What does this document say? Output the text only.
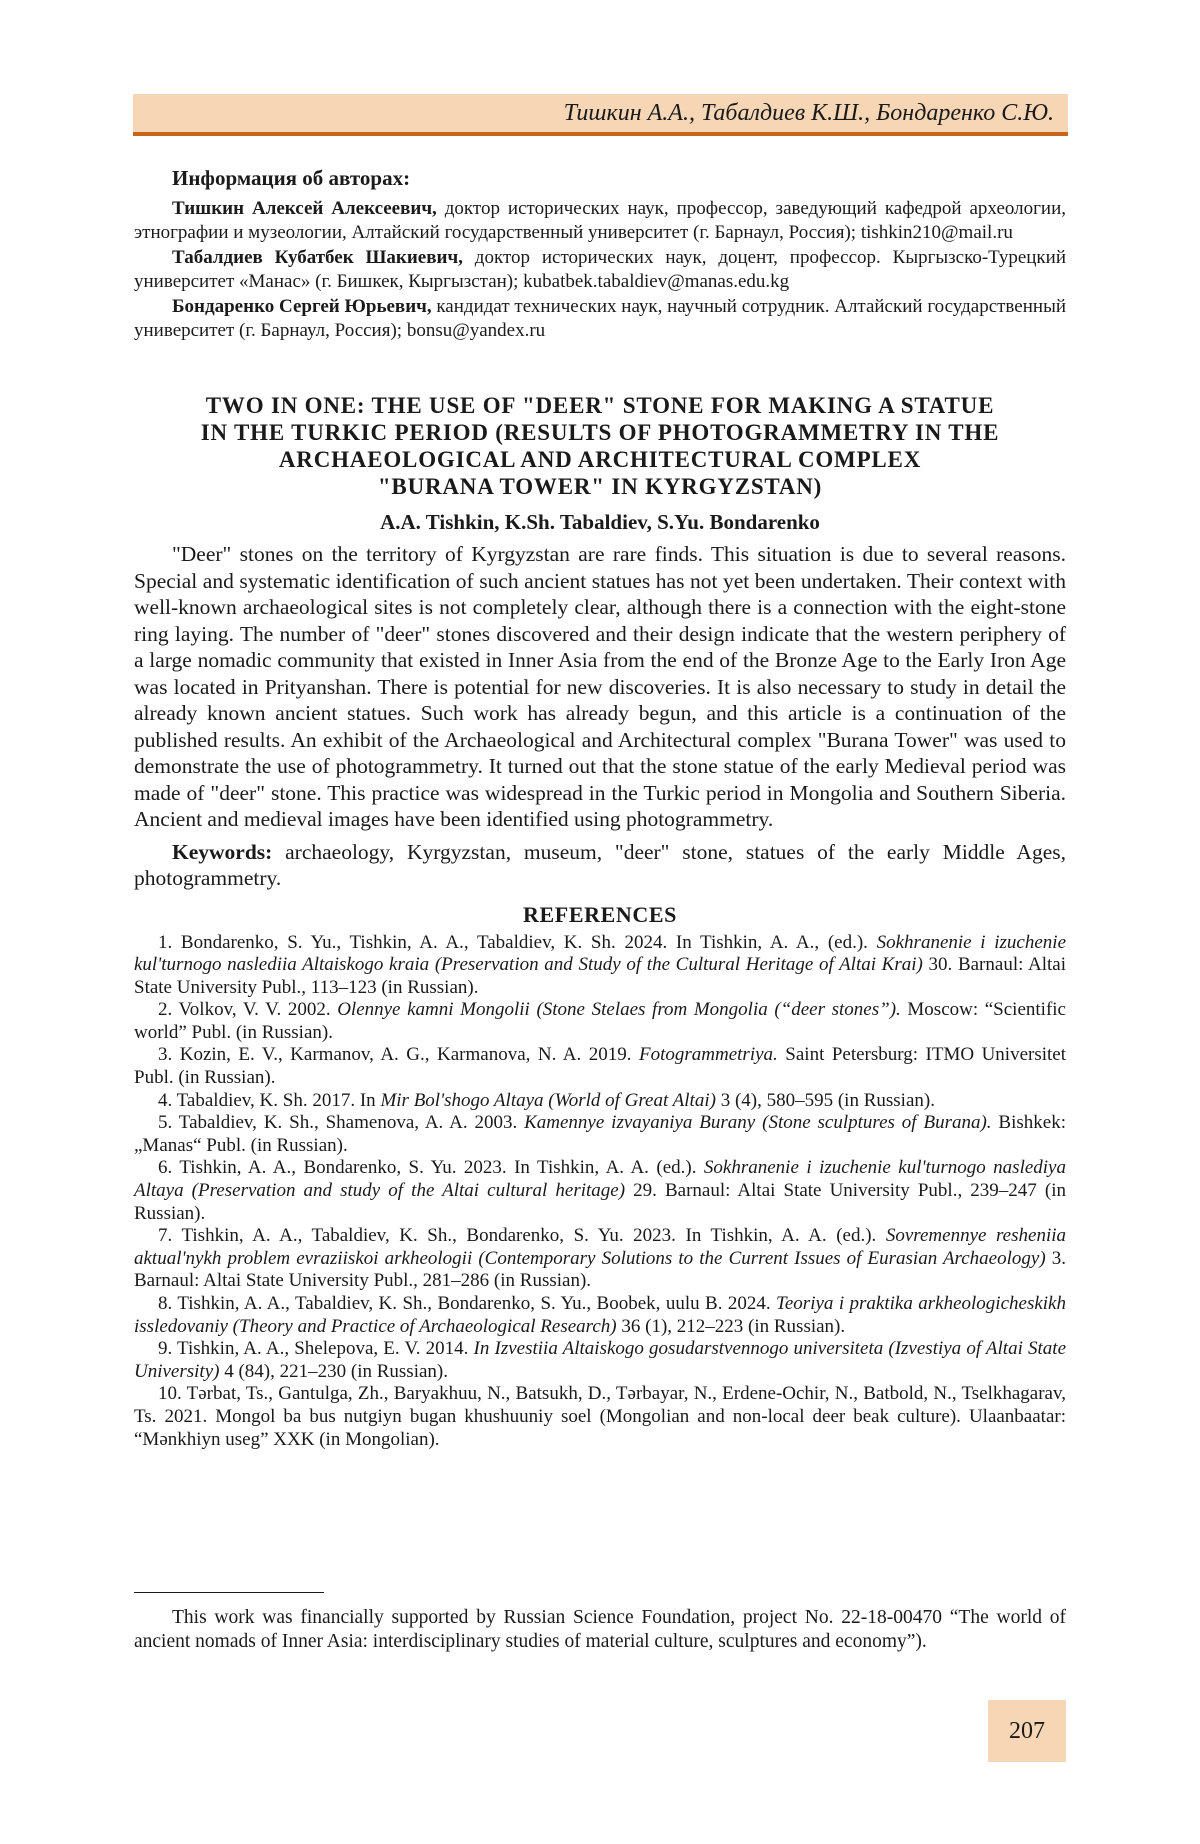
Тишкин А.А., Табалдиев К.Ш., Бондаренко С.Ю.

Информация об авторах:

Тишкин Алексей Алексеевич, доктор исторических наук, профессор, заведующий кафедрой археологии, этнографии и музеологии, Алтайский государственный университет (г. Барнаул, Россия); tishkin210@mail.ru

Табалдиев Кубатбек Шакиевич, доктор исторических наук, доцент, профессор. Кыргызско-Турецкий университет «Манас» (г. Бишкек, Кыргызстан); kubatbek.tabaldiev@manas.edu.kg

Бондаренко Сергей Юрьевич, кандидат технических наук, научный сотрудник. Алтайский государственный университет (г. Барнаул, Россия); bonsu@yandex.ru

TWO IN ONE: THE USE OF "DEER" STONE FOR MAKING A STATUE

IN THE TURKIC PERIOD (RESULTS OF PHOTOGRAMMETRY IN THE

ARCHAEOLOGICAL AND ARCHITECTURAL COMPLEX

"BURANA TOWER" IN KYRGYZSTAN)

A.A. Tishkin, K.Sh. Tabaldiev, S.Yu. Bondarenko

"Deer" stones on the territory of Kyrgyzstan are rare finds. This situation is due to several reasons. Special and systematic identification of such ancient statues has not yet been undertaken. Their context with well-known archaeological sites is not completely clear, although there is a connection with the eight-stone ring laying. The number of "deer" stones discovered and their design indicate that the western periphery of a large nomadic community that existed in Inner Asia from the end of the Bronze Age to the Early Iron Age was located in Prityanshan. There is potential for new discoveries. It is also necessary to study in detail the already known ancient statues. Such work has already begun, and this article is a continuation of the published results. An exhibit of the Archaeological and Architectural complex "Burana Tower" was used to demonstrate the use of photogrammetry. It turned out that the stone statue of the early Medieval period was made of "deer" stone. This practice was widespread in the Turkic period in Mongolia and Southern Siberia. Ancient and medieval images have been identified using photogrammetry.

Keywords: archaeology, Kyrgyzstan, museum, "deer" stone, statues of the early Middle Ages, photogrammetry.

REFERENCES

1. Bondarenko, S. Yu., Tishkin, A. A., Tabaldiev, K. Sh. 2024. In Tishkin, A. A., (ed.). Sokhranenie i izuchenie kul'turnogo naslediia Altaiskogo kraia (Preservation and Study of the Cultural Heritage of Altai Krai) 30. Barnaul: Altai State University Publ., 113–123 (in Russian).

2. Volkov, V. V. 2002. Olennye kamni Mongolii (Stone Stelaes from Mongolia (“deer stones”). Moscow: “Scientific world” Publ. (in Russian).

3. Kozin, E. V., Karmanov, A. G., Karmanova, N. A. 2019. Fotogrammetriya. Saint Petersburg: ITMO Universitet Publ. (in Russian).

4. Tabaldiev, K. Sh. 2017. In Mir Bol'shogo Altaya (World of Great Altai) 3 (4), 580–595 (in Russian).

5. Tabaldiev, K. Sh., Shamenova, A. A. 2003. Kamennye izvayaniya Burany (Stone sculptures of Burana). Bishkek: „Manas“ Publ. (in Russian).

6. Tishkin, A. A., Bondarenko, S. Yu. 2023. In Tishkin, A. A. (ed.). Sokhranenie i izuchenie kul'turnogo naslediya Altaya (Preservation and study of the Altai cultural heritage) 29. Barnaul: Altai State University Publ., 239–247 (in Russian).

7. Tishkin, A. A., Tabaldiev, K. Sh., Bondarenko, S. Yu. 2023. In Tishkin, A. A. (ed.). Sovremennye resheniia aktual'nykh problem evraziiskoi arkheologii (Contemporary Solutions to the Current Issues of Eurasian Archaeology) 3. Barnaul: Altai State University Publ., 281–286 (in Russian).

8. Tishkin, A. A., Tabaldiev, K. Sh., Bondarenko, S. Yu., Boobek, uulu B. 2024. Teoriya i praktika arkheologicheskikh issledovaniy (Theory and Practice of Archaeological Research) 36 (1), 212–223 (in Russian).

9. Tishkin, A. A., Shelepova, E. V. 2014. In Izvestiia Altaiskogo gosudarstvennogo universiteta (Izvestiya of Altai State University) 4 (84), 221–230 (in Russian).

10. Tərbat, Ts., Gantulga, Zh., Baryakhuu, N., Batsukh, D., Tərbayar, N., Erdene-Ochir, N., Batbold, N., Tselkhagarav, Ts. 2021. Mongol ba bus nutgiyn bugan khushuuniy soel (Mongolian and non-local deer beak culture). Ulaanbaatar: “Mənkhiyn useg” XXK (in Mongolian).

This work was financially supported by Russian Science Foundation, project No. 22-18-00470 “The world of ancient nomads of Inner Asia: interdisciplinary studies of material culture, sculptures and economy”).

207
